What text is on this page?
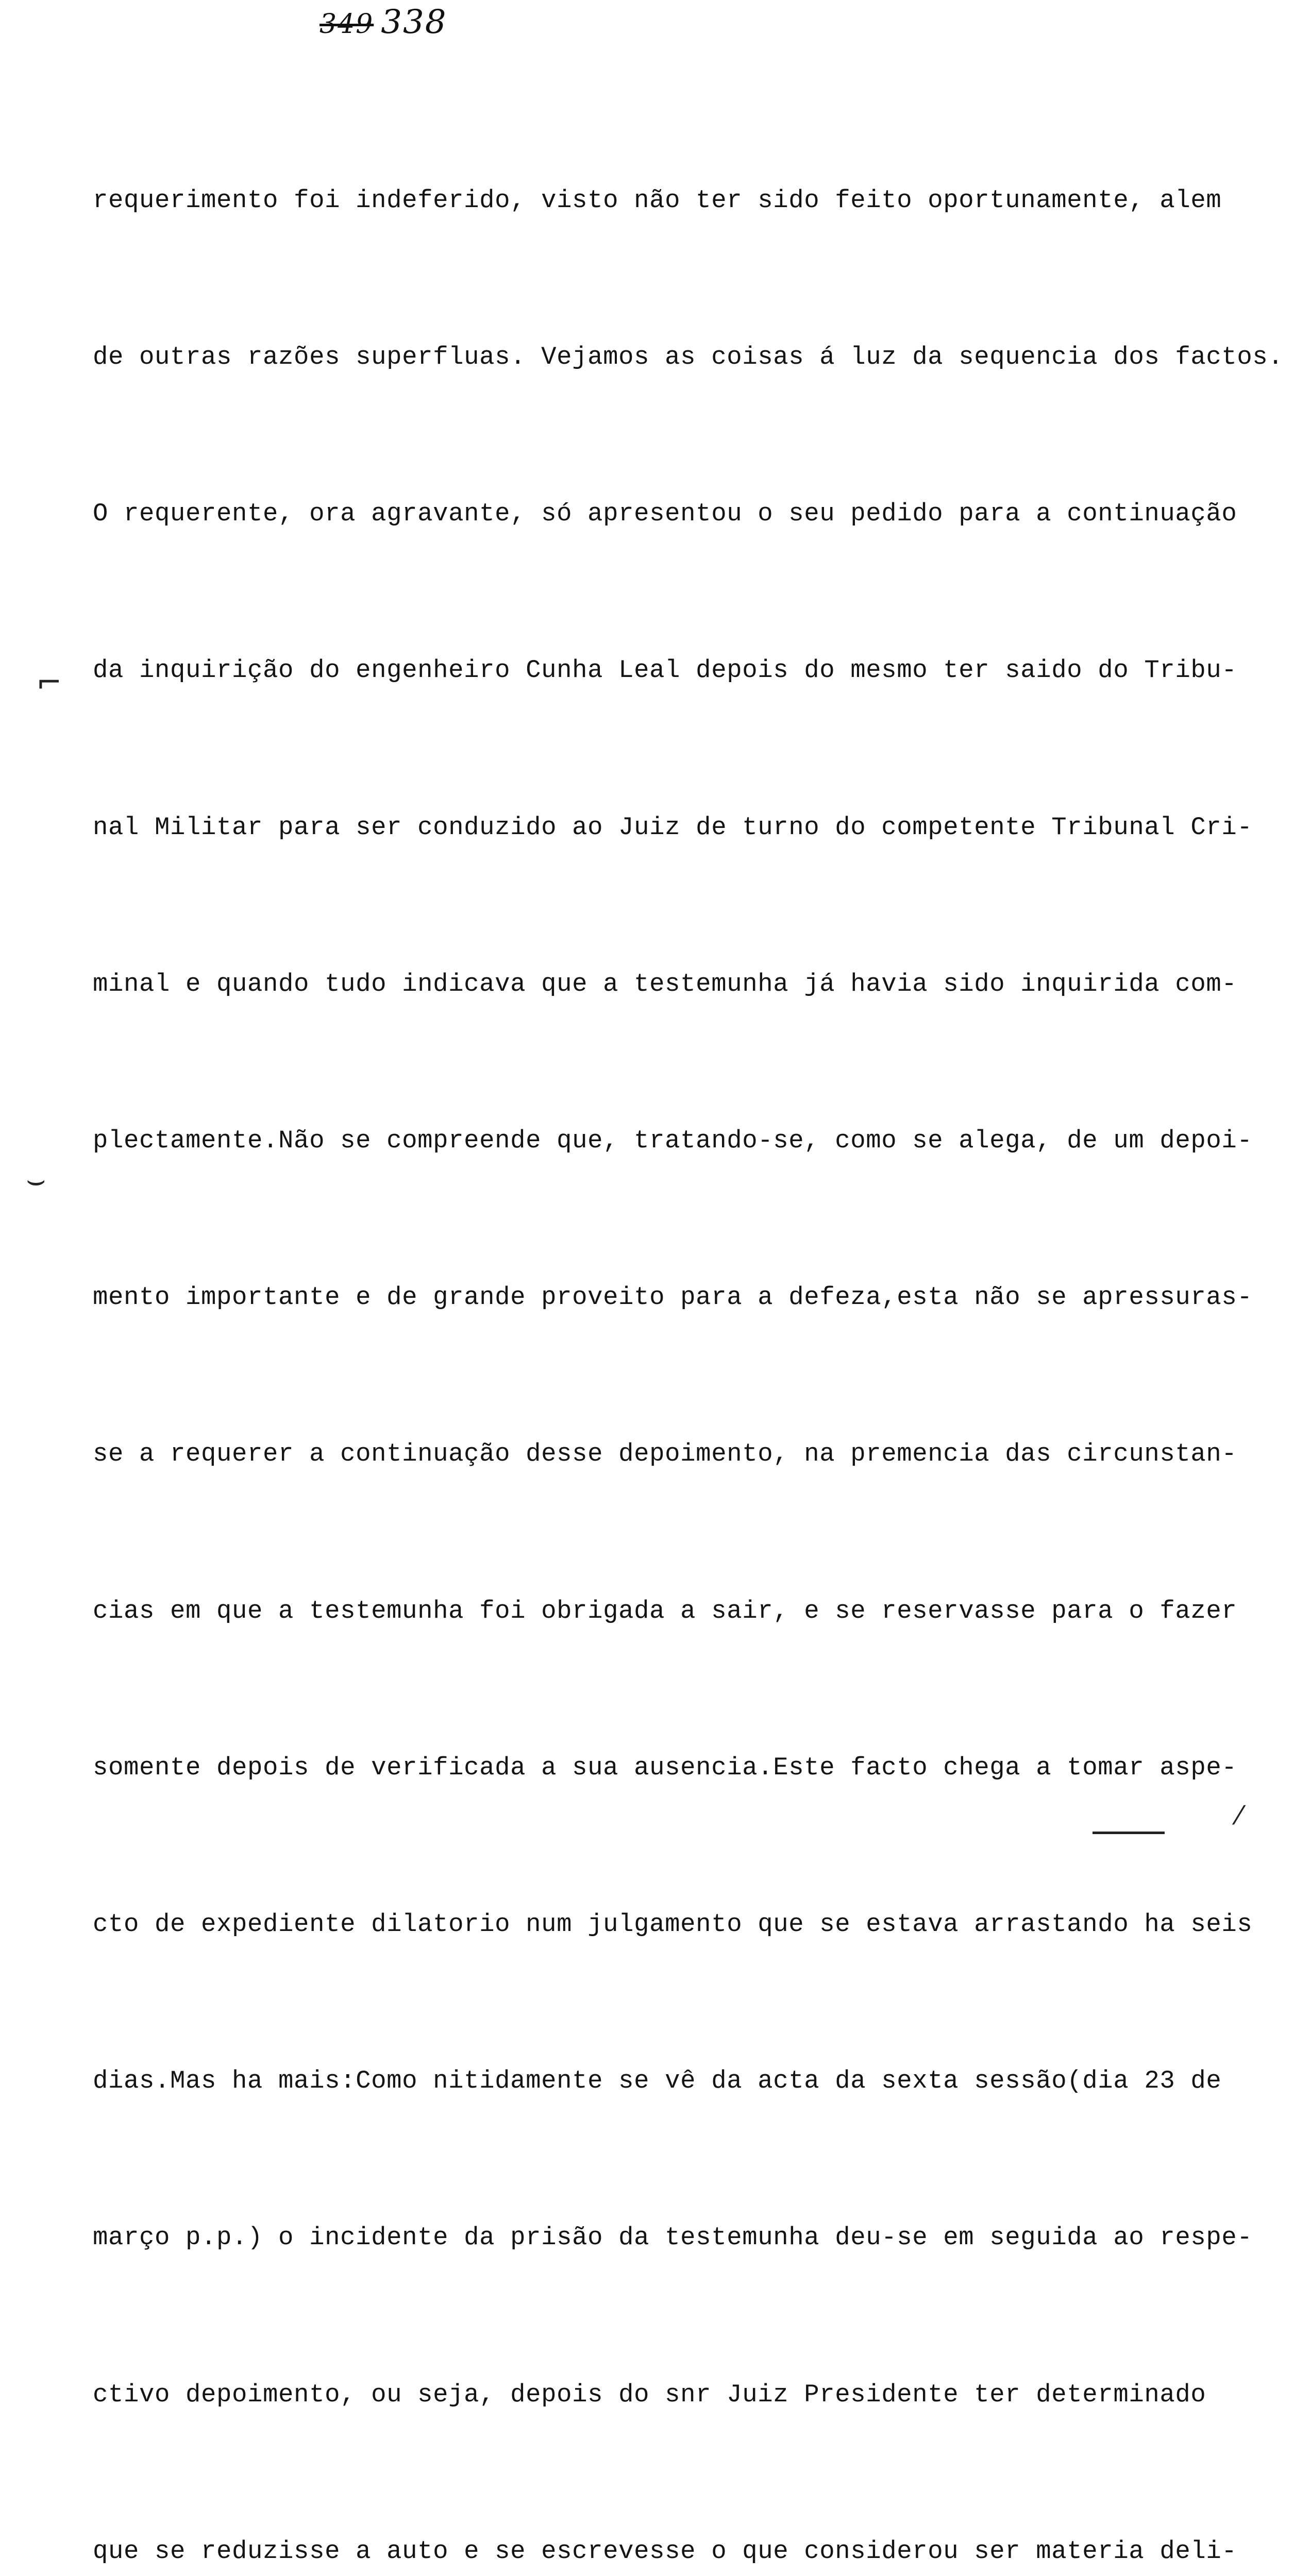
349 338

requerimento foi indeferido, visto não ter sido feito oportunamente, alem

de outras razões superfluas. Vejamos as coisas á luz da sequencia dos factos.

O requerente, ora agravante, só apresentou o seu pedido para a continuação

da inquirição do engenheiro Cunha Leal depois do mesmo ter saido do Tribu-

nal Militar para ser conduzido ao Juiz de turno do competente Tribunal Cri-

minal e quando tudo indicava que a testemunha já havia sido inquirida com-

plectamente.Não se compreende que, tratando-se, como se alega, de um depoi-

mento importante e de grande proveito para a defeza,esta não se apressuras-

se a requerer a continuação desse depoimento, na premencia das circunstan-

cias em que a testemunha foi obrigada a sair, e se reservasse para o fazer

somente depois de verificada a sua ausencia.Este facto chega a tomar aspe-

cto de expediente dilatorio num julgamento que se estava arrastando ha seis

dias.Mas ha mais:Como nitidamente se vê da acta da sexta sessão(dia 23 de

março p.p.) o incidente da prisão da testemunha deu-se em seguida ao respe-

ctivo depoimento, ou seja, depois do snr Juiz Presidente ter determinado

que se reduzisse a auto e se escrevesse o que considerou ser materia deli-

⌐
⌣
⁄
